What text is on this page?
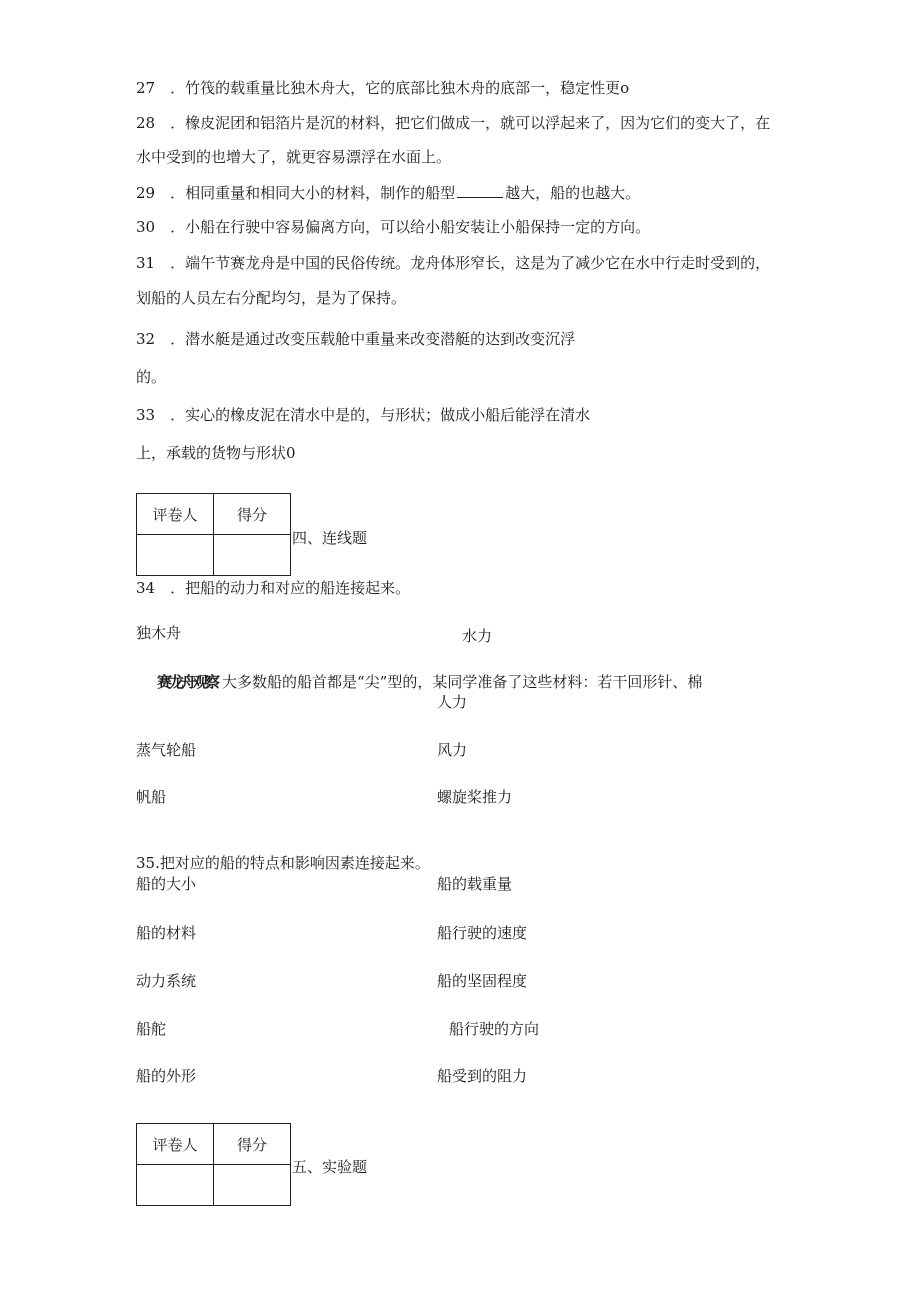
27　．竹筏的载重量比独木舟大，它的底部比独木舟的底部一，稳定性更o
28　．橡皮泥团和铝箔片是沉的材料，把它们做成一，就可以浮起来了，因为它们的变大了，在
水中受到的也增大了，就更容易漂浮在水面上。
29　．相同重量和相同大小的材料，制作的船型	越大，船的也越大。
30　．小船在行驶中容易偏离方向，可以给小船安装让小船保持一定的方向。
31　．端午节赛龙舟是中国的民俗传统。龙舟体形窄长，这是为了减少它在水中行走时受到的，
划船的人员左右分配均匀，是为了保持。
32　．潜水艇是通过改变压载舱中重量来改变潜艇的达到改变沉浮
的。
33　．实心的橡皮泥在清水中是的，与形状；做成小船后能浮在清水
上，承载的货物与形状0
评卷人	得分

四、连线题
34　．把船的动力和对应的船连接起来。
独木舟	水力
赛龙舟观察 大多数船的船首都是“尖”型的，某同学准备了这些材料：若干回形针、棉
人力
蒸气轮船	风力
帆船	螺旋桨推力
35.把对应的船的特点和影响因素连接起来。
船的大小	船的载重量
船的材料	船行驶的速度
动力系统	船的坚固程度
船舵	船行驶的方向
船的外形	船受到的阻力
评卷人	得分

五、实验题
